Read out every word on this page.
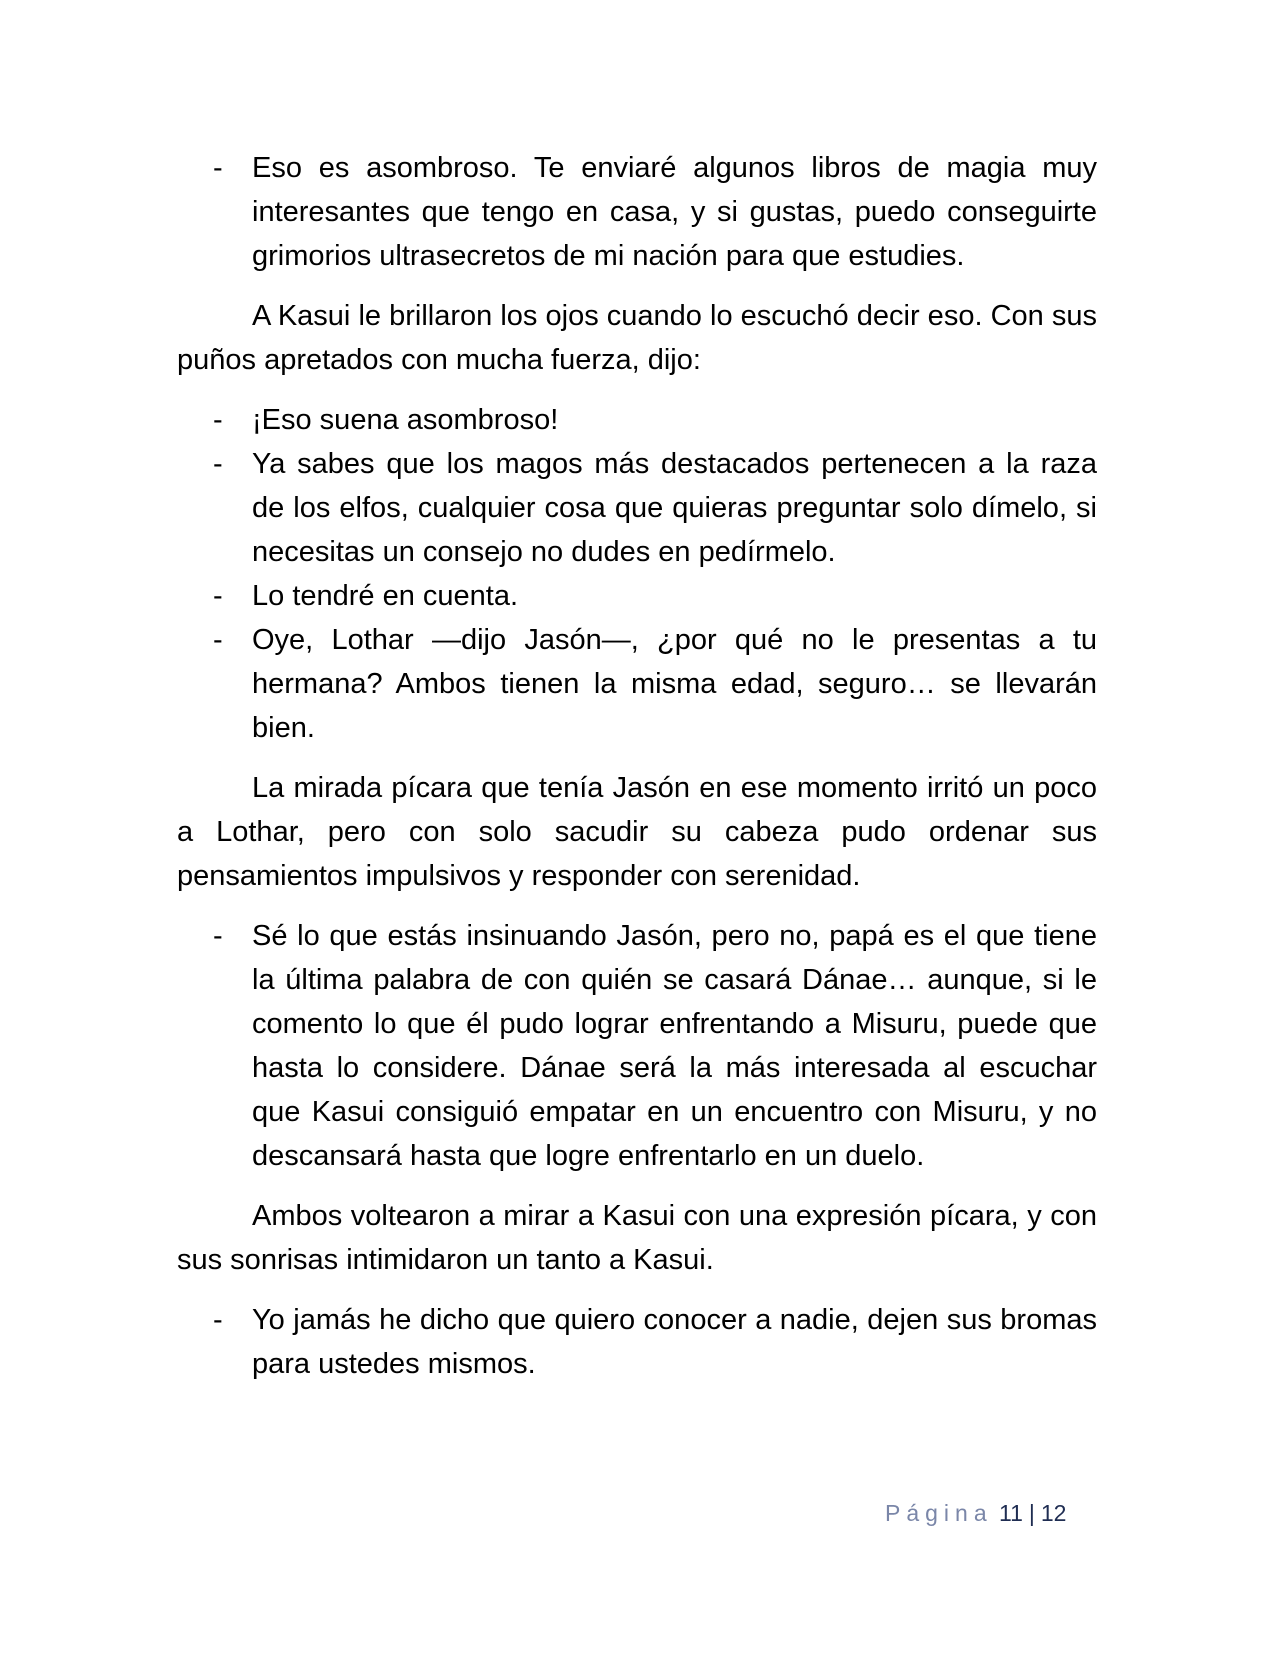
- Eso es asombroso. Te enviaré algunos libros de magia muy interesantes que tengo en casa, y si gustas, puedo conseguirte grimorios ultrasecretos de mi nación para que estudies.

A Kasui le brillaron los ojos cuando lo escuchó decir eso. Con sus puños apretados con mucha fuerza, dijo:

- ¡Eso suena asombroso!
- Ya sabes que los magos más destacados pertenecen a la raza de los elfos, cualquier cosa que quieras preguntar solo dímelo, si necesitas un consejo no dudes en pedírmelo.
- Lo tendré en cuenta.
- Oye, Lothar —dijo Jasón—, ¿por qué no le presentas a tu hermana? Ambos tienen la misma edad, seguro… se llevarán bien.

La mirada pícara que tenía Jasón en ese momento irritó un poco a Lothar, pero con solo sacudir su cabeza pudo ordenar sus pensamientos impulsivos y responder con serenidad.

- Sé lo que estás insinuando Jasón, pero no, papá es el que tiene la última palabra de con quién se casará Dánae… aunque, si le comento lo que él pudo lograr enfrentando a Misuru, puede que hasta lo considere. Dánae será la más interesada al escuchar que Kasui consiguió empatar en un encuentro con Misuru, y no descansará hasta que logre enfrentarlo en un duelo.

Ambos voltearon a mirar a Kasui con una expresión pícara, y con sus sonrisas intimidaron un tanto a Kasui.

- Yo jamás he dicho que quiero conocer a nadie, dejen sus bromas para ustedes mismos.
Página 11 | 12
